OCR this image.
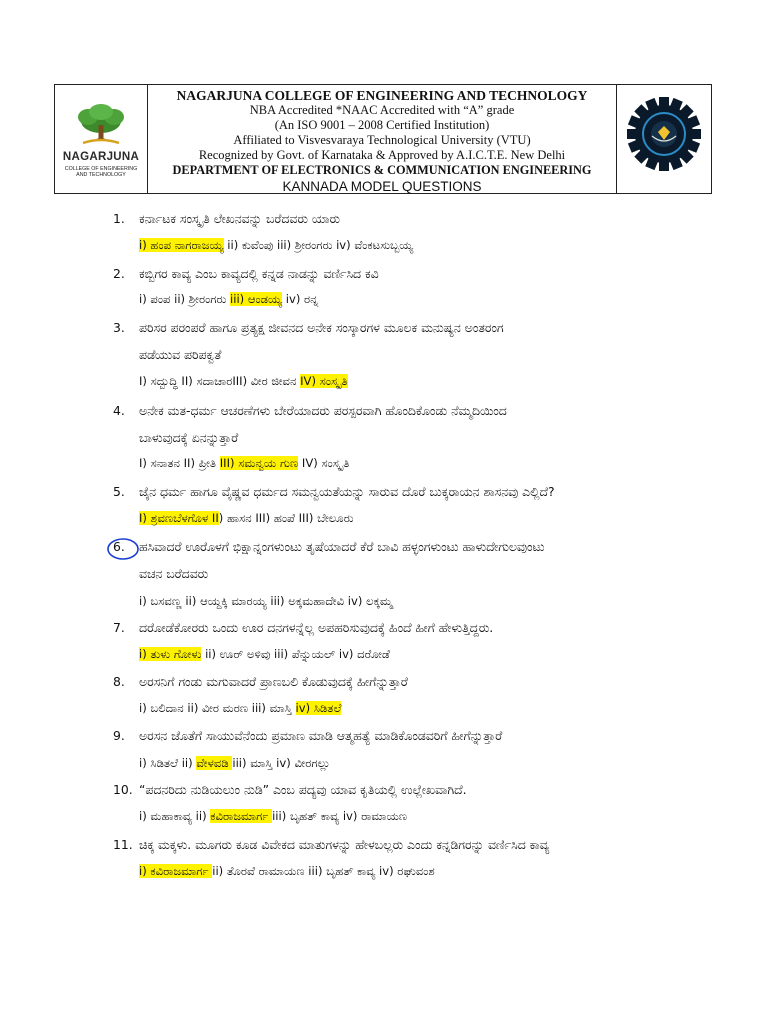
NAGARJUNA
COLLEGE OF ENGINEERING
AND TECHNOLOGY
NAGARJUNA COLLEGE OF ENGINEERING AND TECHNOLOGY
NBA Accredited *NAAC Accredited with “A” grade
(An ISO 9001 – 2008 Certified Institution)
Affiliated to Visvesvaraya Technological University (VTU)
Recognized by Govt. of Karnataka & Approved by A.I.C.T.E. New Delhi
DEPARTMENT OF ELECTRONICS & COMMUNICATION ENGINEERING
KANNADA MODEL QUESTIONS
1. ಕರ್ನಾಟಕ ಸಂಸ್ಕೃತಿ ಲೇಖನವನ್ನು ಬರೆದವರು ಯಾರು
i) ಹಂಪ ನಾಗರಾಜಯ್ಯ ii) ಕುವೆಂಪು iii) ಶ್ರೀರಂಗರು iv) ವೆಂಕಟಸುಬ್ಬಯ್ಯ
2. ಕಬ್ಬಿಗರ ಕಾವ್ಯ ಎಂಬ ಕಾವ್ಯದಲ್ಲಿ ಕನ್ನಡ ನಾಡನ್ನು ವರ್ಣಿಸಿದ ಕವಿ
i) ಪಂಪ ii) ಶ್ರೀರಂಗರು iii) ಆಂಡಯ್ಯ iv) ರನ್ನ
3. ಪರಿಸರ ಪರಂಪರೆ ಹಾಗೂ ಪ್ರತ್ಯಕ್ಷ ಜೀವನದ ಅನೇಕ ಸಂಸ್ಕಾರಗಳ ಮೂಲಕ ಮನುಷ್ಯನ ಅಂತರಂಗ
ಪಡೆಯುವ ಪರಿಪಕ್ವತೆ
I) ಸದ್ಬುದ್ಧಿ II) ಸದಾಚಾರIII) ವೀರ ಜೀವನ IV) ಸಂಸ್ಕೃತಿ
4. ಅನೇಕ ಮತ-ಧರ್ಮ ಆಚರಣೆಗಳು ಬೇರೆಯಾದರು ಪರಸ್ಪರವಾಗಿ ಹೊಂದಿಕೊಂಡು ನೆಮ್ಮದಿಯಿಂದ
ಬಾಳುವುದಕ್ಕೆ ಏನನ್ನುತ್ತಾರೆ
I) ಸನಾತನ II) ಪ್ರೀತಿ III) ಸಮನ್ವಯ ಗುಣ IV) ಸಂಸ್ಕೃತಿ
5. ಜೈನ ಧರ್ಮ ಹಾಗೂ ವೈಷ್ಣವ ಧರ್ಮದ ಸಮನ್ವಯತೆಯನ್ನು ಸಾರುವ ದೊರೆ ಬುಕ್ಕರಾಯನ ಶಾಸನವು ಎಲ್ಲಿದೆ?
I) ಶ್ರವಣಬೆಳಗೊಳ II) ಹಾಸನ III) ಹಂಪೆ III) ಬೇಲೂರು
6. ಹಸಿವಾದರೆ ಊರೊಳಗೆ ಭಿಕ್ಷಾನ್ನಂಗಳುಂಟು ತೃಷೆಯಾದರೆ ಕೆರೆ ಬಾವಿ ಹಳ್ಳಂಗಳುಂಟು ಹಾಳುದೇಗುಲವುಂಟು
ವಚನ ಬರೆದವರು
i) ಬಸವಣ್ಣ ii) ಆಯ್ದಕ್ಕಿ ಮಾರಯ್ಯ iii) ಅಕ್ಕಮಹಾದೇವಿ iv) ಲಕ್ಕಮ್ಮ
7. ದರೋಡೆಕೋರರು ಒಂದು ಊರ ದನಗಳನ್ನೆಲ್ಲ ಅಪಹರಿಸುವುದಕ್ಕೆ ಹಿಂದೆ ಹೀಗೆ ಹೇಳುತ್ತಿದ್ದರು.
i) ತುಳು ಗೋಳು ii) ಊರ್ ಅಳಿವು iii) ಪೆನ್ನುಯಲ್ iv) ದರೋಡೆ
8. ಅರಸನಿಗೆ ಗಂಡು ಮಗುವಾದರೆ ಪ್ರಾಣಬಲಿ ಕೊಡುವುದಕ್ಕೆ ಹೀಗೆನ್ನುತ್ತಾರೆ
i) ಬಲಿದಾನ ii) ವೀರ ಮರಣ iii) ಮಾಸ್ತಿ iv) ಸಿಡಿತಲೆ
9. ಅರಸನ ಜೊತೆಗೆ ಸಾಯುವೆನೆಂದು ಪ್ರಮಾಣ ಮಾಡಿ ಆತ್ಮಹತ್ಯೆ ಮಾಡಿಕೊಂಡವರಿಗೆ ಹೀಗೆನ್ನುತ್ತಾರೆ
i) ಸಿಡಿತಲೆ ii) ವೇಳವಡಿ iii) ಮಾಸ್ತಿ iv) ವೀರಗಲ್ಲು
10. “ಪದನರಿದು ನುಡಿಯಲುಂ ನುಡಿ” ಎಂಬ ಪದ್ಯವು ಯಾವ ಕೃತಿಯಲ್ಲಿ ಉಲ್ಲೇಖವಾಗಿದೆ.
i) ಮಹಾಕಾವ್ಯ ii) ಕವಿರಾಜಮಾರ್ಗ iii) ಬೃಹತ್ ಕಾವ್ಯ iv) ರಾಮಾಯಣ
11. ಚಿಕ್ಕ ಮಕ್ಕಳು. ಮೂಗರು ಕೂಡ ವಿವೇಕದ ಮಾತುಗಳನ್ನು ಹೇಳಬಲ್ಲರು ಎಂದು ಕನ್ನಡಿಗರನ್ನು ವರ್ಣಿಸಿದ ಕಾವ್ಯ
i) ಕವಿರಾಜಮಾರ್ಗ ii) ತೊರವೆ ರಾಮಾಯಣ iii) ಬೃಹತ್ ಕಾವ್ಯ iv) ರಘುವಂಶ
